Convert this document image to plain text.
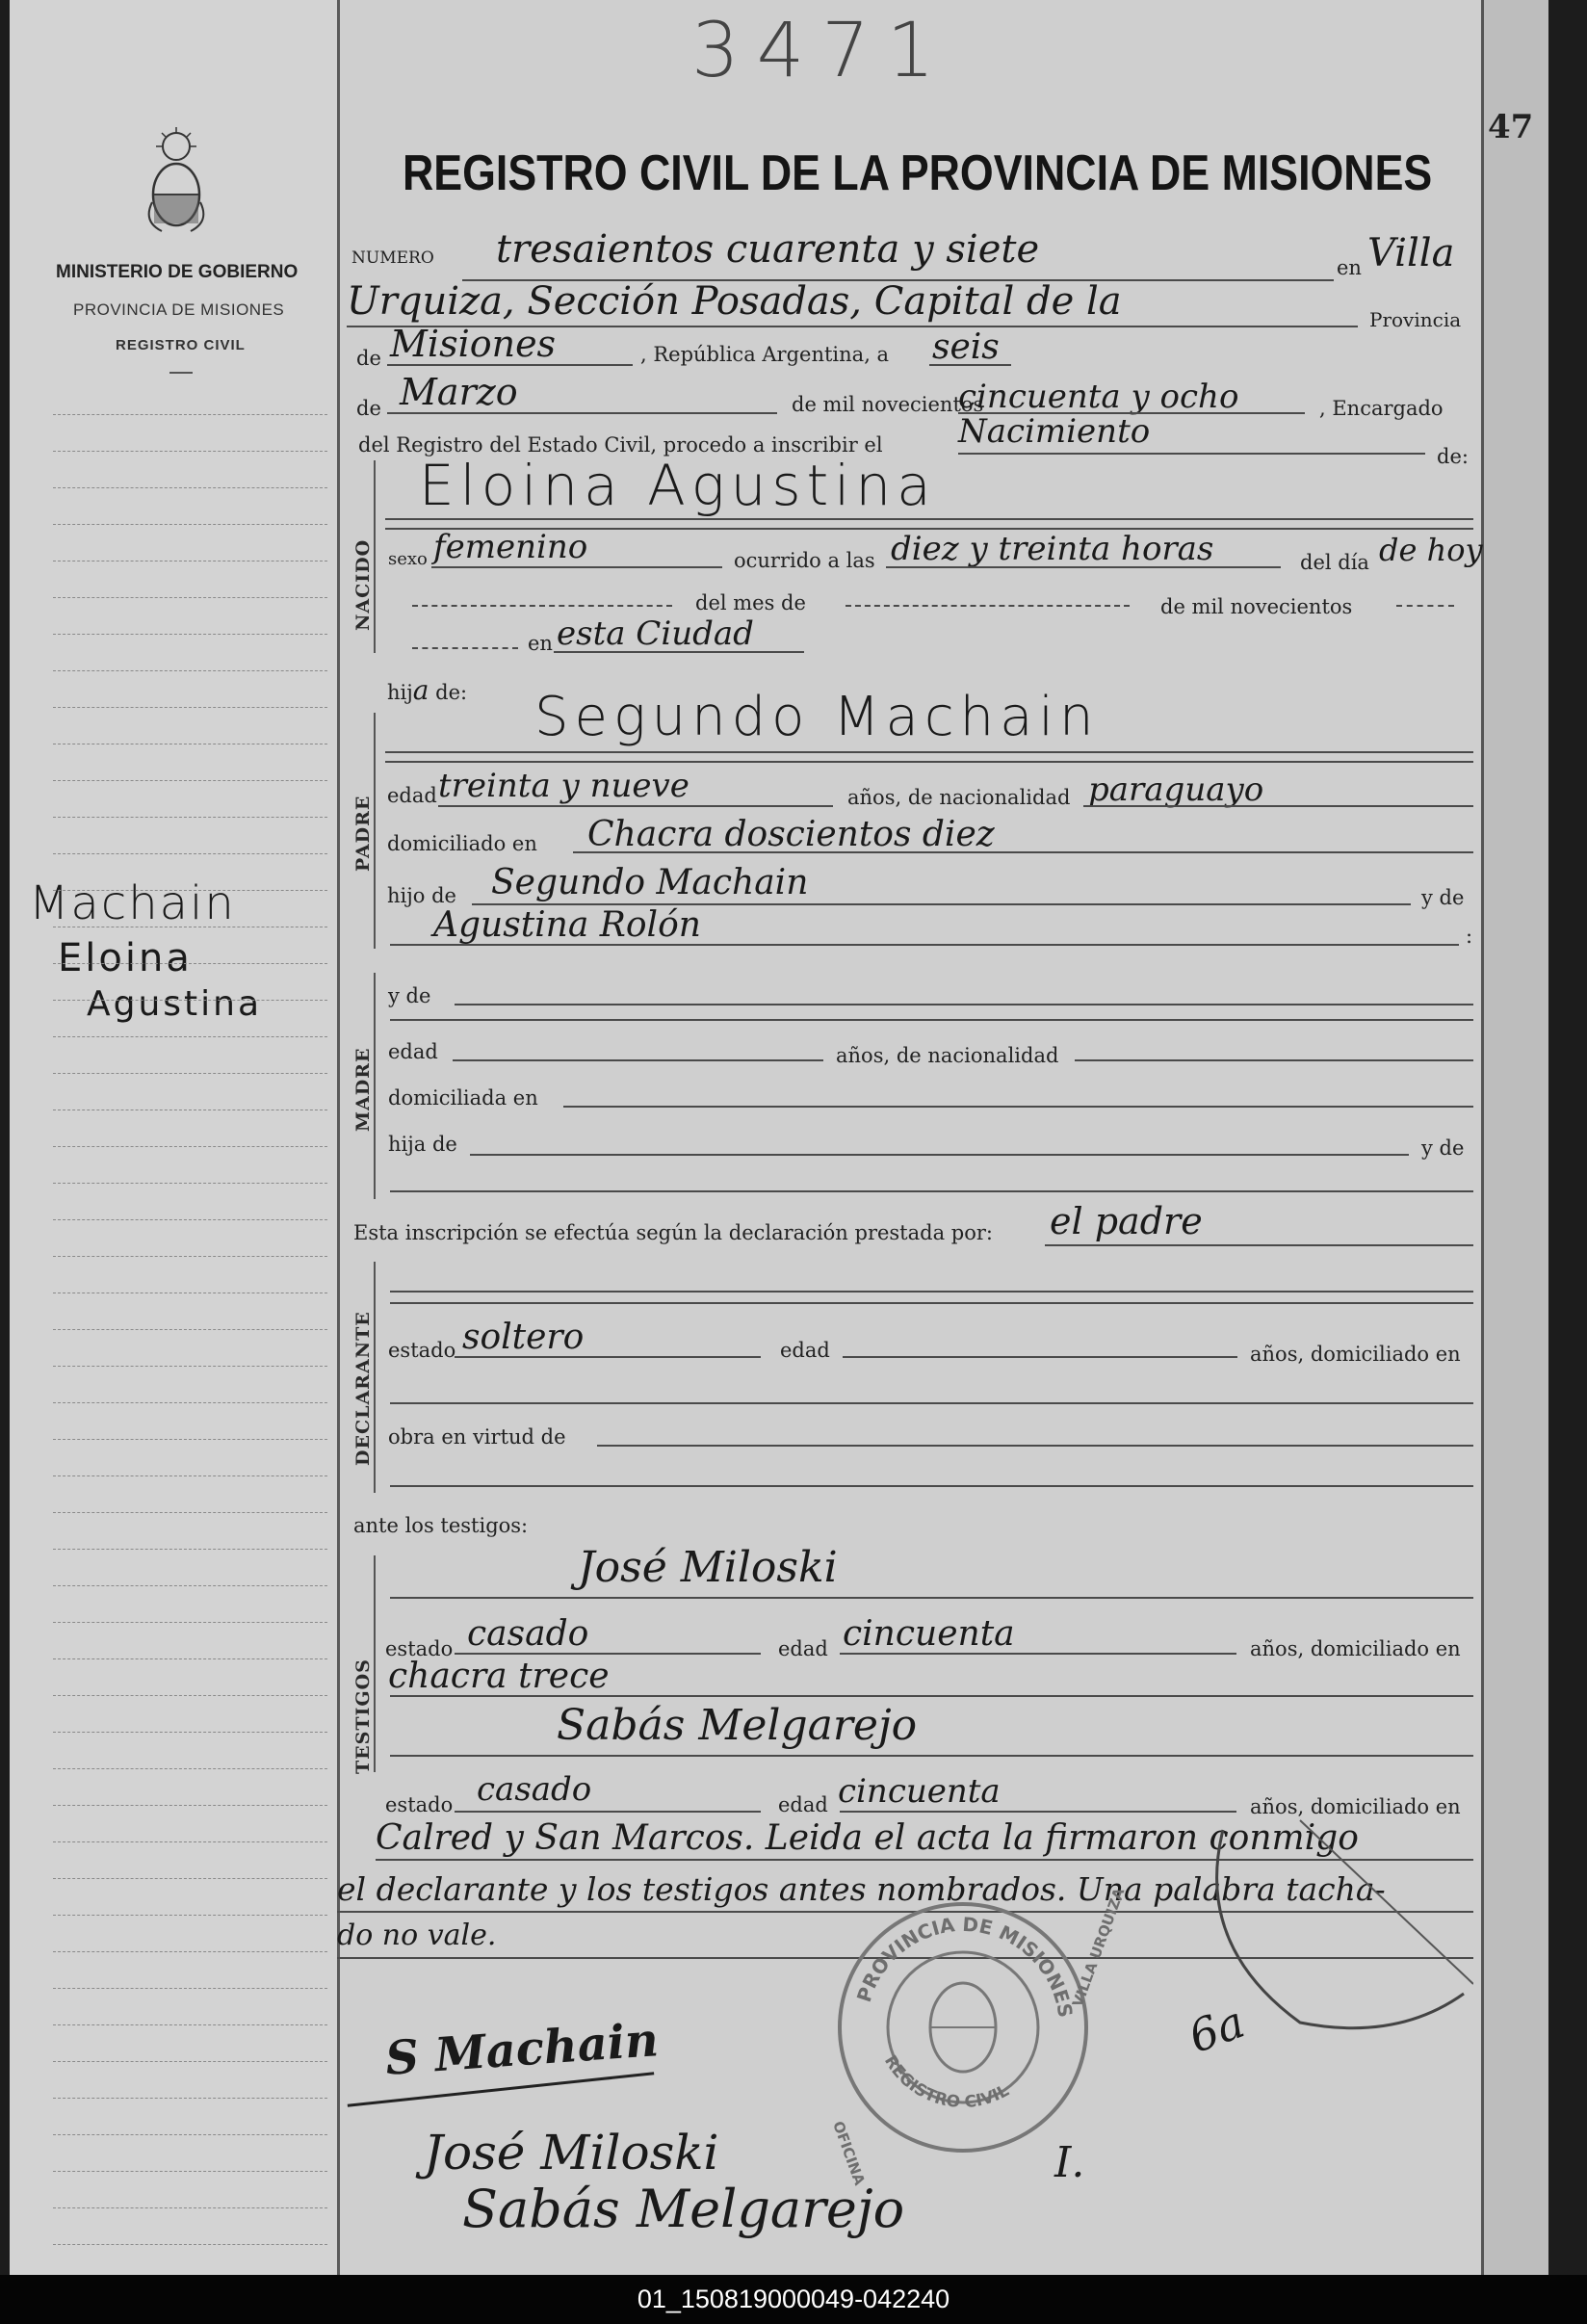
MINISTERIO DE GOBIERNO
PROVINCIA DE MISIONES
REGISTRO CIVIL
Machain
Eloina
Agustina
47
3471
REGISTRO CIVIL DE LA PROVINCIA DE MISIONES
NUMERO tresaientos cuarenta y siete	en Villa
Urquiza, Sección Posadas, Capital de la	Provincia
de Misiones	, República Argentina, a seis
de Marzo	de mil novecientos
cincuenta y ocho	, Encargado
del Registro del Estado Civil, procedo a inscribir el Nacimiento
de:
NACIDO
Eloina Agustina
sexo femenino	ocurrido a las diez y treinta horas	del día de hoy
del mes de	de mil novecientos
en esta Ciudad
hija de:
PADRE
Segundo Machain
edad treinta y nueve	años, de nacionalidad paraguayo
domiciliado en Chacra doscientos diez
hijo de Segundo Machain	y de
Agustina Rolón	:
MADRE
y de
edad	años, de nacionalidad
domiciliada en
hija de	y de
Esta inscripción se efectúa según la declaración prestada por: el padre
DECLARANTE estado soltero	edad	años, domiciliado en
obra en virtud de
ante los testigos:
TESTIGOS
José Miloski
estado casado	edad cincuenta	años, domiciliado en
chacra trece
Sabás Melgarejo
estado casado	edad cincuenta	años, domiciliado en
Calred y San Marcos. Leida el acta la firmaron conmigo
el declarante y los testigos antes nombrados. Una palabra tacha-
do no vale.
PROVINCIA DE MISIONES
REGISTRO CIVIL
OFICINA
VILLA URQUIZA
S Machain
José Miloski
Sabás Melgarejo
6a
I.
01_150819000049-042240
